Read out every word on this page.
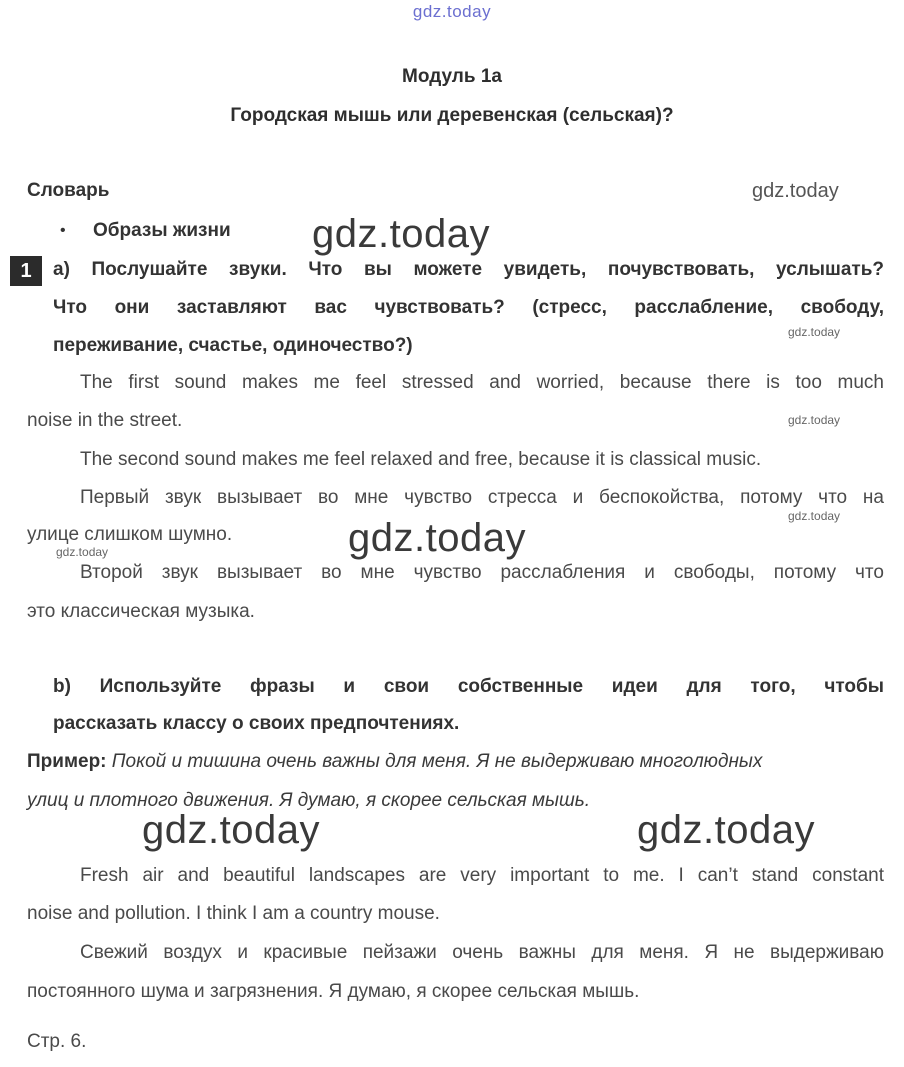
gdz.today
Модуль 1а
Городская мышь или деревенская (сельская)?
Словарь
• Образы жизни
1	a) Послушайте звуки. Что вы можете увидеть, почувствовать, услышать?
Что они заставляют вас чувствовать? (стресс, расслабление, свободу,
переживание, счастье, одиночество?)
The first sound makes me feel stressed and worried, because there is too much
noise in the street.
The second sound makes me feel relaxed and free, because it is classical music.
Первый звук вызывает во мне чувство стресса и беспокойства, потому что на
улице слишком шумно.
Второй звук вызывает во мне чувство расслабления и свободы, потому что
это классическая музыка.
b) Используйте фразы и свои собственные идеи для того, чтобы
рассказать классу о своих предпочтениях.
Пример: Покой и тишина очень важны для меня. Я не выдерживаю многолюдных
улиц и плотного движения. Я думаю, я скорее сельская мышь.
Fresh air and beautiful landscapes are very important to me. I can’t stand constant
noise and pollution. I think I am a country mouse.
Свежий воздух и красивые пейзажи очень важны для меня. Я не выдерживаю
постоянного шума и загрязнения. Я думаю, я скорее сельская мышь.
Стр. 6.
gdz.today
gdz.today
gdz.today
gdz.today
gdz.today
gdz.today	gdz.today
gdz.today	gdz.today
